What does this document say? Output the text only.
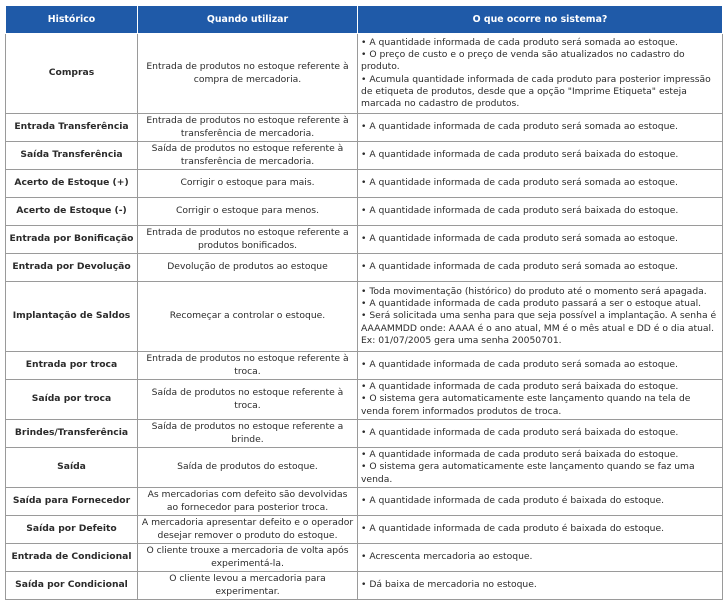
Histórico	Quando utilizar	O que ocorre no sistema?
Compras	Entrada de produtos no estoque referente à compra de mercadoria.	• A quantidade informada de cada produto será somada ao estoque.
• O preço de custo e o preço de venda são atualizados no cadastro do produto.
• Acumula quantidade informada de cada produto para posterior impressão de etiqueta de produtos, desde que a opção "Imprime Etiqueta" esteja marcada no cadastro de produtos.

Entrada Transferência	Entrada de produtos no estoque referente à transferência de mercadoria.	• A quantidade informada de cada produto será somada ao estoque.

Saída Transferência	Saída de produtos no estoque referente à transferência de mercadoria.	• A quantidade informada de cada produto será baixada do estoque.

Acerto de Estoque (+)	Corrigir o estoque para mais.	• A quantidade informada de cada produto será somada ao estoque.

Acerto de Estoque (-)	Corrigir o estoque para menos.	• A quantidade informada de cada produto será baixada do estoque.

Entrada por Bonificação	Entrada de produtos no estoque referente a produtos bonificados.	• A quantidade informada de cada produto será somada ao estoque.

Entrada por Devolução	Devolução de produtos ao estoque	• A quantidade informada de cada produto será somada ao estoque.

Implantação de Saldos	Recomeçar a controlar o estoque.	• Toda movimentação (histórico) do produto até o momento será apagada.
• A quantidade informada de cada produto passará a ser o estoque atual.
• Será solicitada uma senha para que seja possível a implantação. A senha é AAAAMMDD onde: AAAA é o ano atual, MM é o mês atual e DD é o dia atual. Ex: 01/07/2005 gera uma senha 20050701.

Entrada por troca	Entrada de produtos no estoque referente à troca.	• A quantidade informada de cada produto será somada ao estoque.

Saída por troca	Saída de produtos no estoque referente à troca.	• A quantidade informada de cada produto será baixada do estoque.
• O sistema gera automaticamente este lançamento quando na tela de venda forem informados produtos de troca.

Brindes/Transferência	Saída de produtos no estoque referente a brinde.	• A quantidade informada de cada produto será baixada do estoque.

Saída	Saída de produtos do estoque.	• A quantidade informada de cada produto será baixada do estoque.
• O sistema gera automaticamente este lançamento quando se faz uma venda.

Saída para Fornecedor	As mercadorias com defeito são devolvidas ao fornecedor para posterior troca.	• A quantidade informada de cada produto é baixada do estoque.

Saída por Defeito	A mercadoria apresentar defeito e o operador desejar remover o produto do estoque.	• A quantidade informada de cada produto é baixada do estoque.

Entrada de Condicional	O cliente trouxe a mercadoria de volta após experimentá-la.	• Acrescenta mercadoria ao estoque.

Saída por Condicional	O cliente levou a mercadoria para experimentar.	• Dá baixa de mercadoria no estoque.
